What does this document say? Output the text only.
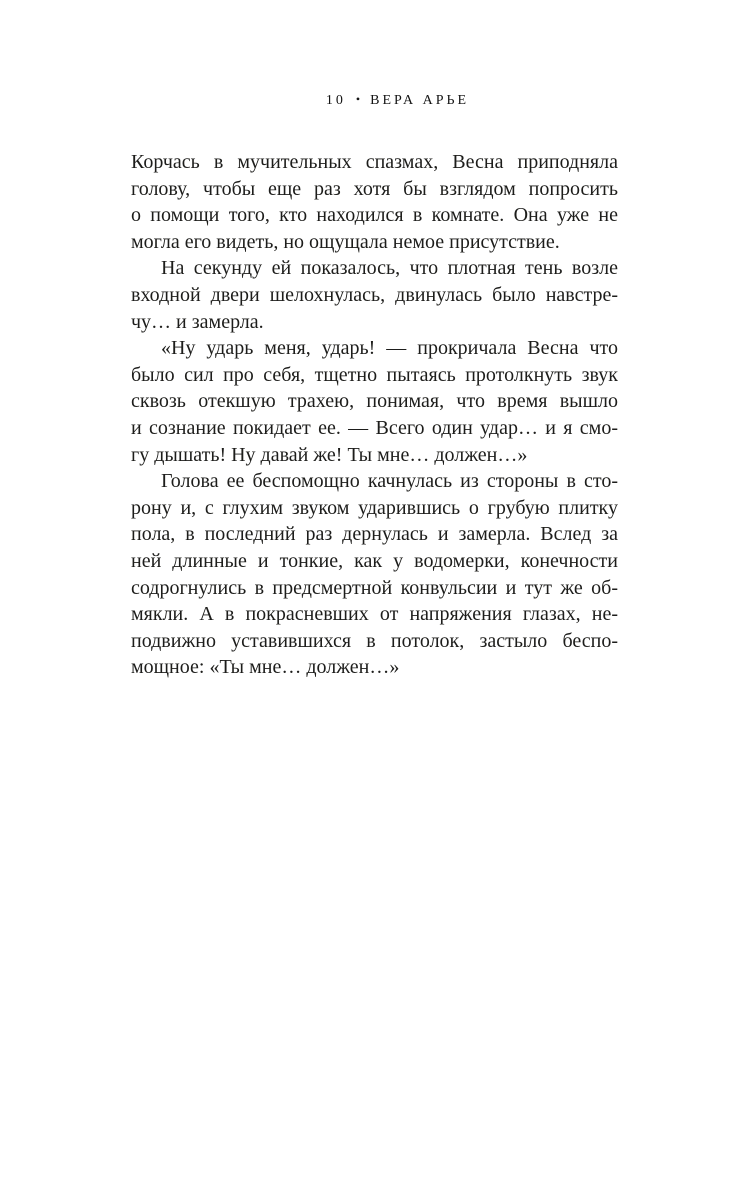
10 • ВЕРА АРЬЕ

Корчась в мучительных спазмах, Весна приподняла
голову, чтобы еще раз хотя бы взглядом попросить
о помощи того, кто находился в комнате. Она уже не
могла его видеть, но ощущала немое присутствие.

На секунду ей показалось, что плотная тень возле
входной двери шелохнулась, двинулась было навстре-
чу… и замерла.

«Ну ударь меня, ударь! — прокричала Весна что
было сил про себя, тщетно пытаясь протолкнуть звук
сквозь отекшую трахею, понимая, что время вышло
и сознание покидает ее. — Всего один удар… и я смо-
гу дышать! Ну давай же! Ты мне… должен…»

Голова ее беспомощно качнулась из стороны в сто-
рону и, с глухим звуком ударившись о грубую плитку
пола, в последний раз дернулась и замерла. Вслед за
ней длинные и тонкие, как у водомерки, конечности
содрогнулись в предсмертной конвульсии и тут же об-
мякли. А в покрасневших от напряжения глазах, не-
подвижно уставившихся в потолок, застыло беспо-
мощное: «Ты мне… должен…»
